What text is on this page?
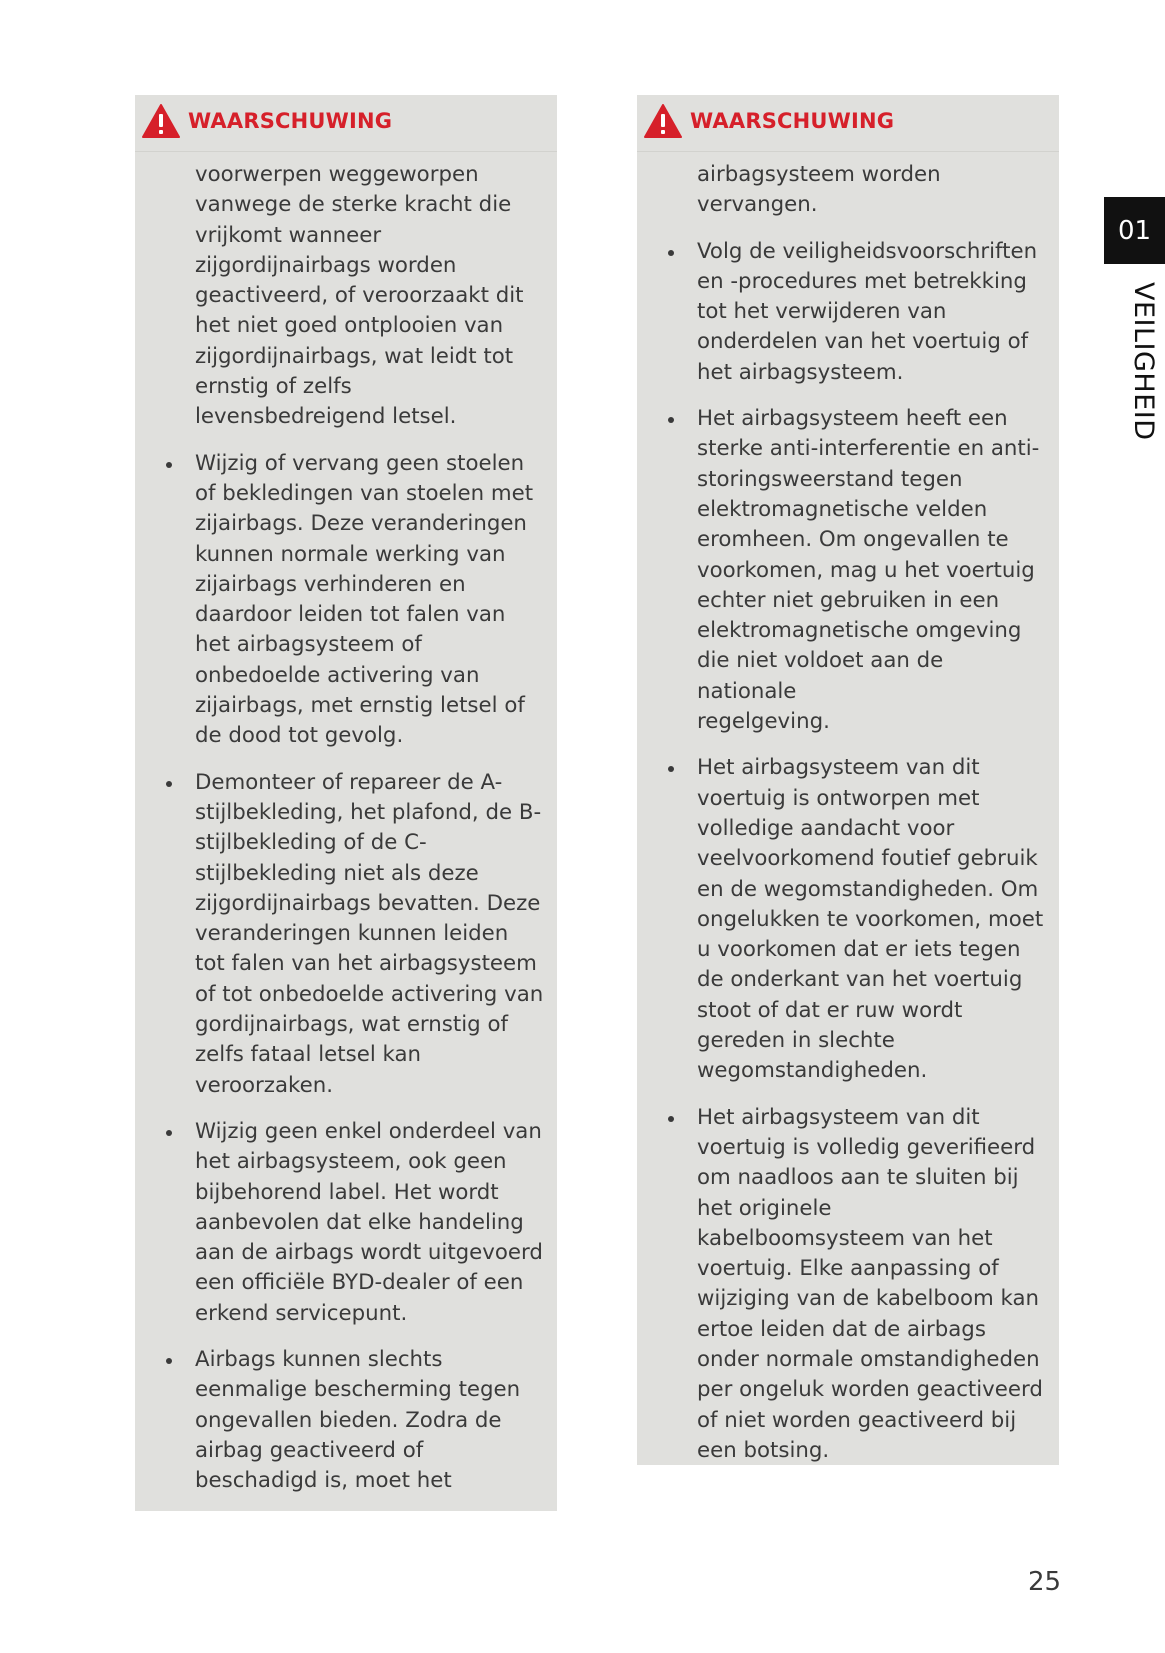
WAARSCHUWING

voorwerpen weggeworpen
vanwege de sterke kracht die
vrijkomt wanneer
zijgordijnairbags worden
geactiveerd, of veroorzaakt dit
het niet goed ontplooien van
zijgordijnairbags, wat leidt tot
ernstig of zelfs
levensbedreigend letsel.

Wijzig of vervang geen stoelen
of bekledingen van stoelen met
zijairbags. Deze veranderingen
kunnen normale werking van
zijairbags verhinderen en
daardoor leiden tot falen van
het airbagsysteem of
onbedoelde activering van
zijairbags, met ernstig letsel of
de dood tot gevolg.

Demonteer of repareer de A-
stijlbekleding, het plafond, de B-
stijlbekleding of de C-
stijlbekleding niet als deze
zijgordijnairbags bevatten. Deze
veranderingen kunnen leiden
tot falen van het airbagsysteem
of tot onbedoelde activering van
gordijnairbags, wat ernstig of
zelfs fataal letsel kan
veroorzaken.

Wijzig geen enkel onderdeel van
het airbagsysteem, ook geen
bijbehorend label. Het wordt
aanbevolen dat elke handeling
aan de airbags wordt uitgevoerd
een officiële BYD-dealer of een
erkend servicepunt.

Airbags kunnen slechts
eenmalige bescherming tegen
ongevallen bieden. Zodra de
airbag geactiveerd of
beschadigd is, moet het

WAARSCHUWING

airbagsysteem worden
vervangen.

Volg de veiligheidsvoorschriften
en -procedures met betrekking
tot het verwijderen van
onderdelen van het voertuig of
het airbagsysteem.

Het airbagsysteem heeft een
sterke anti-interferentie en anti-
storingsweerstand tegen
elektromagnetische velden
eromheen. Om ongevallen te
voorkomen, mag u het voertuig
echter niet gebruiken in een
elektromagnetische omgeving
die niet voldoet aan de nationale
regelgeving.

Het airbagsysteem van dit
voertuig is ontworpen met
volledige aandacht voor
veelvoorkomend foutief gebruik
en de wegomstandigheden. Om
ongelukken te voorkomen, moet
u voorkomen dat er iets tegen
de onderkant van het voertuig
stoot of dat er ruw wordt
gereden in slechte
wegomstandigheden.

Het airbagsysteem van dit
voertuig is volledig geverifieerd
om naadloos aan te sluiten bij
het originele
kabelboomsysteem van het
voertuig. Elke aanpassing of
wijziging van de kabelboom kan
ertoe leiden dat de airbags
onder normale omstandigheden
per ongeluk worden geactiveerd
of niet worden geactiveerd bij
een botsing.

01
VEILIGHEID
25
